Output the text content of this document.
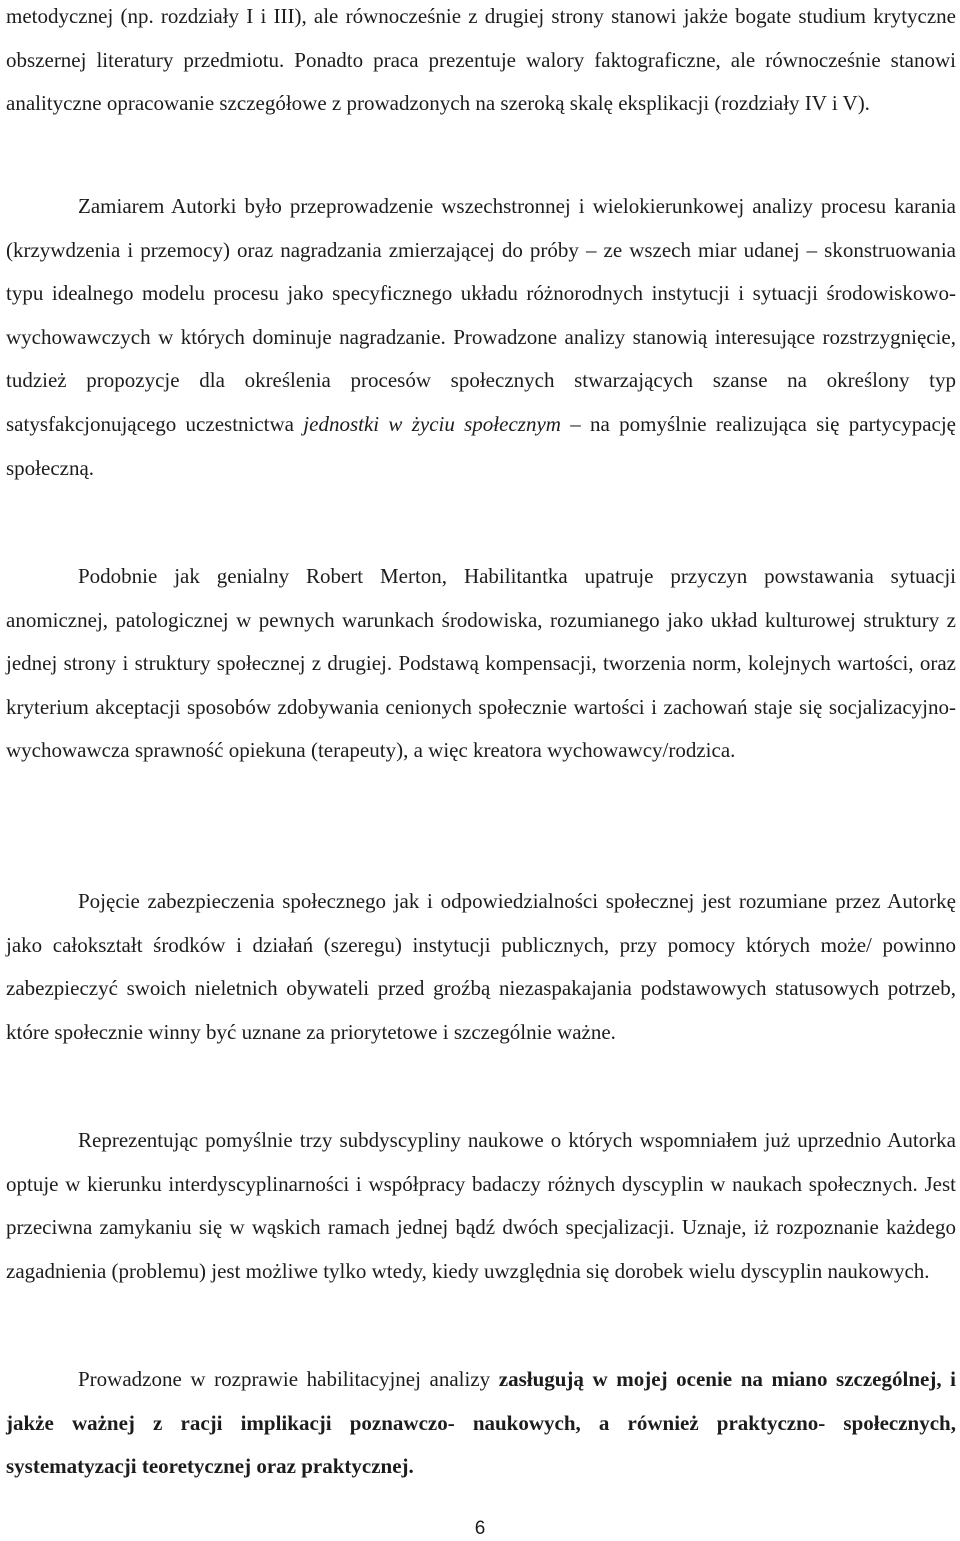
metodycznej (np. rozdziały I i III), ale równocześnie z drugiej strony stanowi jakże bogate studium krytyczne obszernej literatury przedmiotu. Ponadto praca prezentuje walory faktograficzne, ale równocześnie stanowi analityczne opracowanie szczegółowe z prowadzonych na szeroką skalę eksplikacji (rozdziały IV i V).

Zamiarem Autorki było przeprowadzenie wszechstronnej i wielokierunkowej analizy procesu karania (krzywdzenia i przemocy) oraz nagradzania zmierzającej do próby – ze wszech miar udanej – skonstruowania typu idealnego modelu procesu jako specyficznego układu różnorodnych instytucji i sytuacji środowiskowo- wychowawczych w których dominuje nagradzanie. Prowadzone analizy stanowią interesujące rozstrzygnięcie, tudzież propozycje dla określenia procesów społecznych stwarzających szanse na określony typ satysfakcjonującego uczestnictwa jednostki w życiu społecznym – na pomyślnie realizująca się partycypację społeczną.

Podobnie jak genialny Robert Merton, Habilitantka upatruje przyczyn powstawania sytuacji anomicznej, patologicznej w pewnych warunkach środowiska, rozumianego jako układ kulturowej struktury z jednej strony i struktury społecznej z drugiej. Podstawą kompensacji, tworzenia norm, kolejnych wartości, oraz kryterium akceptacji sposobów zdobywania cenionych społecznie wartości i zachowań staje się socjalizacyjno- wychowawcza sprawność opiekuna (terapeuty), a więc kreatora wychowawcy/rodzica.

Pojęcie zabezpieczenia społecznego jak i odpowiedzialności społecznej jest rozumiane przez Autorkę jako całokształt środków i działań (szeregu) instytucji publicznych, przy pomocy których może/ powinno zabezpieczyć swoich nieletnich obywateli przed groźbą niezaspakajania podstawowych statusowych potrzeb, które społecznie winny być uznane za priorytetowe i szczególnie ważne.

Reprezentując pomyślnie trzy subdyscypliny naukowe o których wspomniałem już uprzednio Autorka optuje w kierunku interdyscyplinarności i współpracy badaczy różnych dyscyplin w naukach społecznych. Jest przeciwna zamykaniu się w wąskich ramach jednej bądź dwóch specjalizacji. Uznaje, iż rozpoznanie każdego zagadnienia (problemu) jest możliwe tylko wtedy, kiedy uwzględnia się dorobek wielu dyscyplin naukowych.

Prowadzone w rozprawie habilitacyjnej analizy zasługują w mojej ocenie na miano szczególnej, i jakże ważnej z racji implikacji poznawczo- naukowych, a również praktyczno- społecznych, systematyzacji teoretycznej oraz praktycznej.

6
